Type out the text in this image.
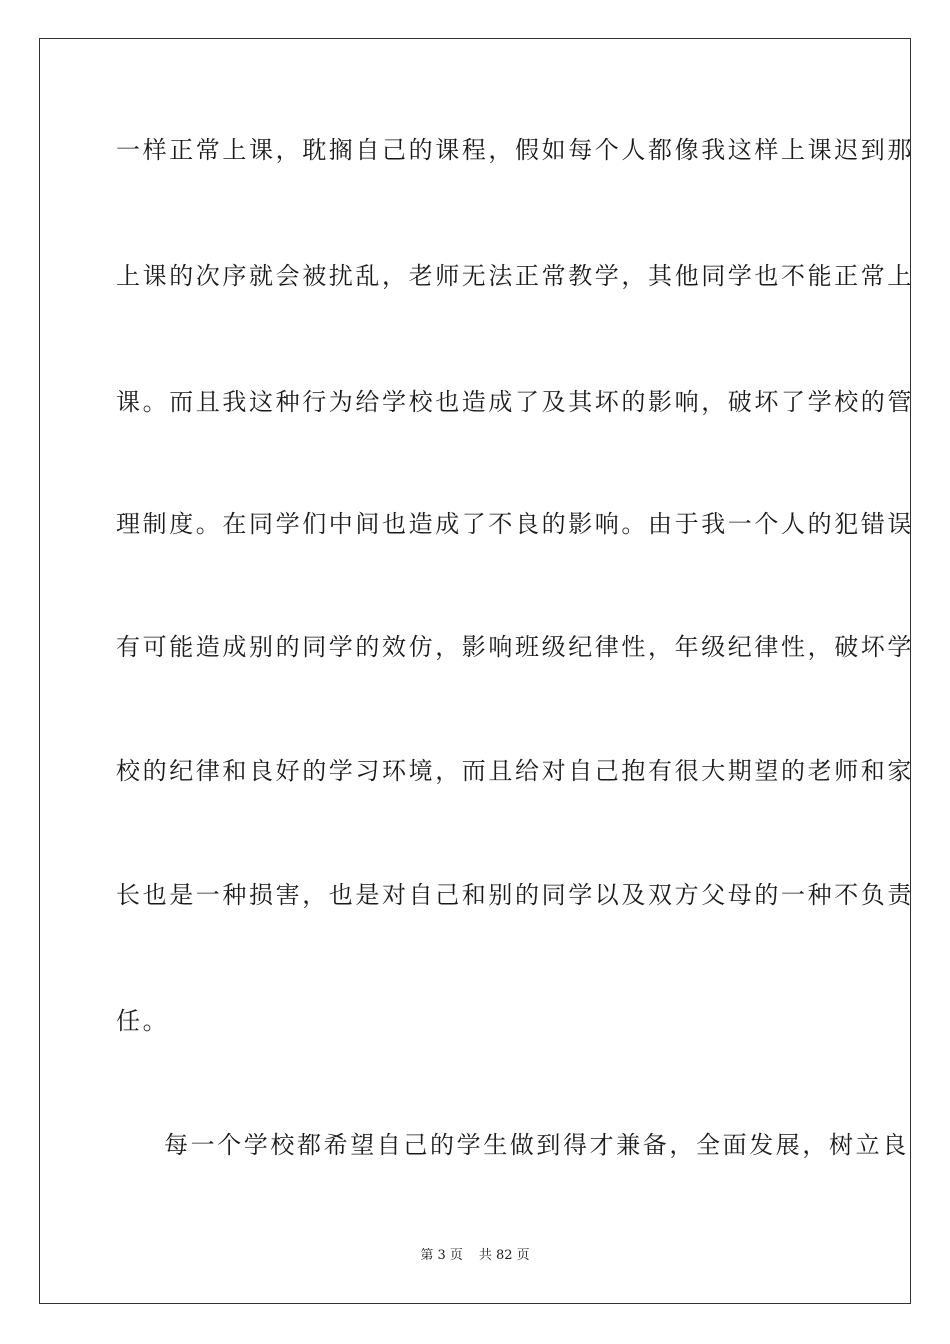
一样正常上课，耽搁自己的课程，假如每个人都像我这样上课迟到那
上课的次序就会被扰乱，老师无法正常教学，其他同学也不能正常上
课。而且我这种行为给学校也造成了及其坏的影响，破坏了学校的管
理制度。在同学们中间也造成了不良的影响。由于我一个人的犯错误
有可能造成别的同学的效仿，影响班级纪律性，年级纪律性，破坏学
校的纪律和良好的学习环境，而且给对自己抱有很大期望的老师和家
长也是一种损害，也是对自己和别的同学以及双方父母的一种不负责
任。
每一个学校都希望自己的学生做到得才兼备，全面发展，树立良
第 3 页 共 82 页
